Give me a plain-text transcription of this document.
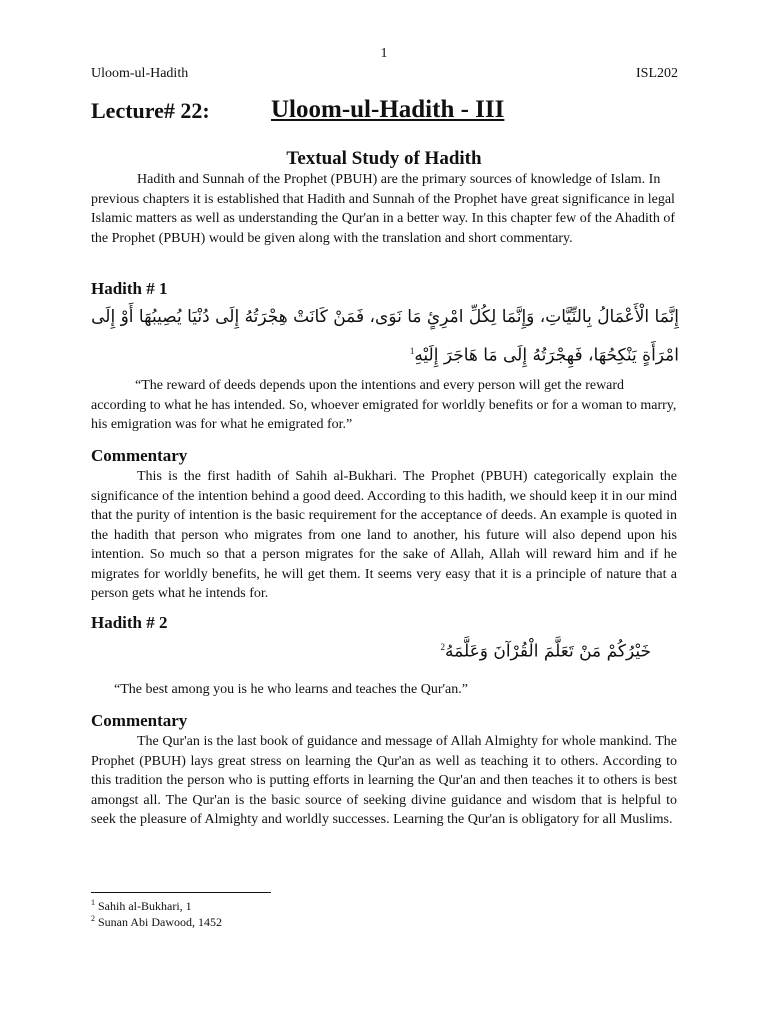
1
Uloom-ul-Hadith	ISL202
Lecture# 22: Uloom-ul-Hadith - III
Textual Study of Hadith

Hadith and Sunnah of the Prophet (PBUH) are the primary sources of knowledge of Islam. In previous chapters it is established that Hadith and Sunnah of the Prophet have great significance in legal Islamic matters as well as understanding the Qur'an in a better way. In this chapter few of the Ahadith of the Prophet (PBUH) would be given along with the translation and short commentary.

Hadith # 1
إِنَّمَا الْأَعْمَالُ بِالنِّيَّاتِ، وَإِنَّمَا لِكُلِّ امْرِئٍ مَا نَوَى، فَمَنْ كَانَتْ هِجْرَتُهُ إِلَى دُنْيَا يُصِيبُهَا أَوْ إِلَى امْرَأَةٍ يَنْكِحُهَا، فَهِجْرَتُهُ إِلَى مَا هَاجَرَ إِلَيْهِ$^1$

“The reward of deeds depends upon the intentions and every person will get the reward according to what he has intended. So, whoever emigrated for worldly benefits or for a woman to marry, his emigration was for what he emigrated for.”

Commentary

This is the first hadith of Sahih al-Bukhari. The Prophet (PBUH) categorically explain the significance of the intention behind a good deed. According to this hadith, we should keep it in our mind that the purity of intention is the basic requirement for the acceptance of deeds. An example is quoted in the hadith that person who migrates from one land to another, his future will also depend upon his intention. So much so that a person migrates for the sake of Allah, Allah will reward him and if he migrates for worldly benefits, he will get them. It seems very easy that it is a principle of nature that a person gets what he intends for.

Hadith # 2
خَيْرُكُمْ مَنْ تَعَلَّمَ الْقُرْآنَ وَعَلَّمَهُ$^2$
“The best among you is he who learns and teaches the Qur'an.”
Commentary

The Qur'an is the last book of guidance and message of Allah Almighty for whole mankind. The Prophet (PBUH) lays great stress on learning the Qur'an as well as teaching it to others. According to this tradition the person who is putting efforts in learning the Qur'an and then teaches it to others is best amongst all. The Qur'an is the basic source of seeking divine guidance and wisdom that is helpful to seek the pleasure of Almighty and worldly successes. Learning the Qur'an is obligatory for all Muslims.

$^1$ Sahih al-Bukhari, 1
$^2$ Sunan Abi Dawood, 1452
